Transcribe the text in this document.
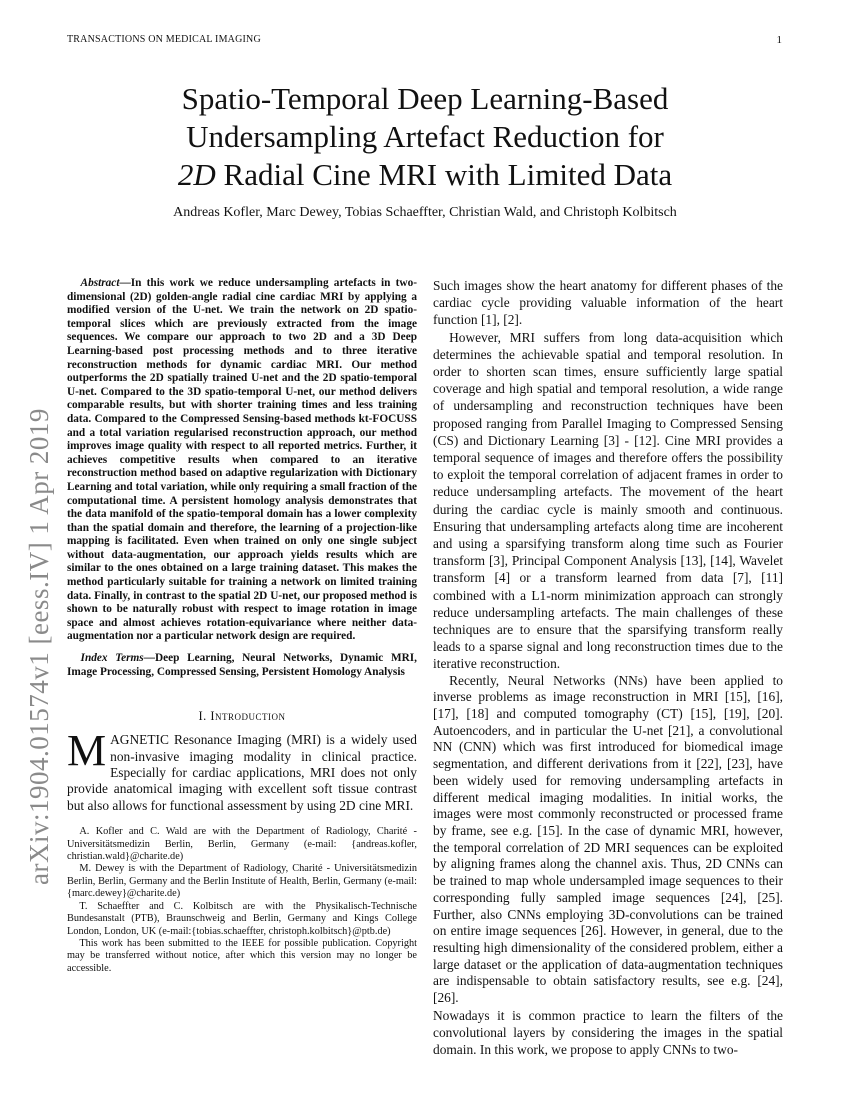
TRANSACTIONS ON MEDICAL IMAGING	1
Spatio-Temporal Deep Learning-Based
Undersampling Artefact Reduction for
2D Radial Cine MRI with Limited Data
Andreas Kofler, Marc Dewey, Tobias Schaeffter, Christian Wald, and Christoph Kolbitsch
arXiv:1904.01574v1 [eess.IV] 1 Apr 2019

Abstract—In this work we reduce undersampling artefacts in two-dimensional (2D) golden-angle radial cine cardiac MRI by applying a modified version of the U-net. We train the network on 2D spatio-temporal slices which are previously extracted from the image sequences. We compare our approach to two 2D and a 3D Deep Learning-based post processing methods and to three iterative reconstruction methods for dynamic cardiac MRI. Our method outperforms the 2D spatially trained U-net and the 2D spatio-temporal U-net. Compared to the 3D spatio-temporal U-net, our method delivers comparable results, but with shorter training times and less training data. Compared to the Compressed Sensing-based methods kt-FOCUSS and a total variation regularised reconstruction approach, our method improves image quality with respect to all reported metrics. Further, it achieves competitive results when compared to an iterative reconstruction method based on adaptive regularization with Dictionary Learning and total variation, while only requiring a small fraction of the computational time. A persistent homology analysis demonstrates that the data manifold of the spatio-temporal domain has a lower complexity than the spatial domain and therefore, the learning of a projection-like mapping is facilitated. Even when trained on only one single subject without data-augmentation, our approach yields results which are similar to the ones obtained on a large training dataset. This makes the method particularly suitable for training a network on limited training data. Finally, in contrast to the spatial 2D U-net, our proposed method is shown to be naturally robust with respect to image rotation in image space and almost achieves rotation-equivariance where neither data-augmentation nor a particular network design are required.

Index Terms—Deep Learning, Neural Networks, Dynamic MRI, Image Processing, Compressed Sensing, Persistent Homology Analysis

I. Introduction

MAGNETIC Resonance Imaging (MRI) is a widely used non-invasive imaging modality in clinical practice. Especially for cardiac applications, MRI does not only provide anatomical imaging with excellent soft tissue contrast but also allows for functional assessment by using 2D cine MRI.

A. Kofler and C. Wald are with the Department of Radiology, Charité - Universitätsmedizin Berlin, Berlin, Germany (e-mail: {andreas.kofler, christian.wald}@charite.de)

M. Dewey is with the Department of Radiology, Charité - Universitätsmedizin Berlin, Berlin, Germany and the Berlin Institute of Health, Berlin, Germany (e-mail: {marc.dewey}@charite.de)

T. Schaeffter and C. Kolbitsch are with the Physikalisch-Technische Bundesanstalt (PTB), Braunschweig and Berlin, Germany and Kings College London, London, UK (e-mail:{tobias.schaeffter, christoph.kolbitsch}@ptb.de)

This work has been submitted to the IEEE for possible publication. Copyright may be transferred without notice, after which this version may no longer be accessible.

Such images show the heart anatomy for different phases of the cardiac cycle providing valuable information of the heart function [1], [2].

However, MRI suffers from long data-acquisition which determines the achievable spatial and temporal resolution. In order to shorten scan times, ensure sufficiently large spatial coverage and high spatial and temporal resolution, a wide range of undersampling and reconstruction techniques have been proposed ranging from Parallel Imaging to Compressed Sensing (CS) and Dictionary Learning [3] - [12]. Cine MRI provides a temporal sequence of images and therefore offers the possibility to exploit the temporal correlation of adjacent frames in order to reduce undersampling artefacts. The movement of the heart during the cardiac cycle is mainly smooth and continuous. Ensuring that undersampling artefacts along time are incoherent and using a sparsifying transform along time such as Fourier transform [3], Principal Component Analysis [13], [14], Wavelet transform [4] or a transform learned from data [7], [11] combined with a L1-norm minimization approach can strongly reduce undersampling artefacts. The main challenges of these techniques are to ensure that the sparsifying transform really leads to a sparse signal and long reconstruction times due to the iterative reconstruction.

Recently, Neural Networks (NNs) have been applied to inverse problems as image reconstruction in MRI [15], [16], [17], [18] and computed tomography (CT) [15], [19], [20]. Autoencoders, and in particular the U-net [21], a convolutional NN (CNN) which was first introduced for biomedical image segmentation, and different derivations from it [22], [23], have been widely used for removing undersampling artefacts in different medical imaging modalities. In initial works, the images were most commonly reconstructed or processed frame by frame, see e.g. [15]. In the case of dynamic MRI, however, the temporal correlation of 2D MRI sequences can be exploited by aligning frames along the channel axis. Thus, 2D CNNs can be trained to map whole undersampled image sequences to their corresponding fully sampled image sequences [24], [25]. Further, also CNNs employing 3D-convolutions can be trained on entire image sequences [26]. However, in general, due to the resulting high dimensionality of the considered problem, either a large dataset or the application of data-augmentation techniques are indispensable to obtain satisfactory results, see e.g. [24], [26].

Nowadays it is common practice to learn the filters of the convolutional layers by considering the images in the spatial domain. In this work, we propose to apply CNNs to two-
